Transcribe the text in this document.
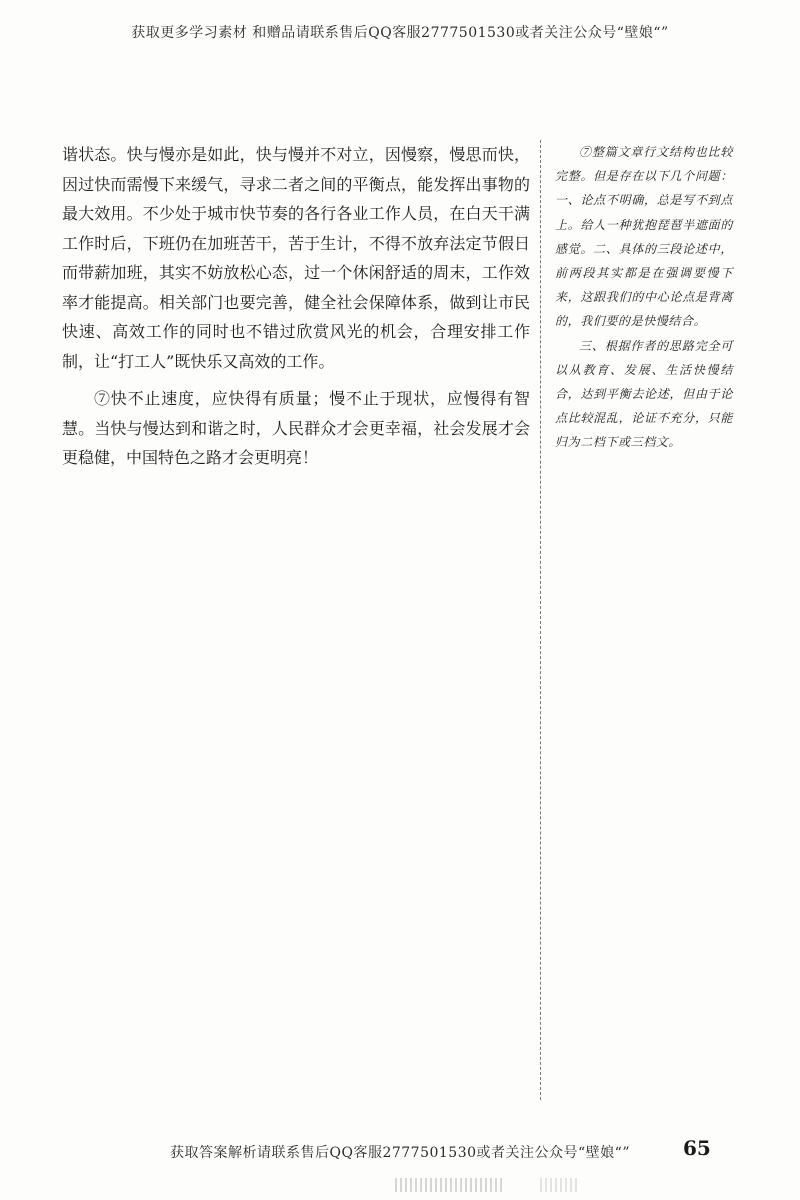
获取更多学习素材 和赠品请联系售后QQ客服2777501530或者关注公众号“壁娘“”

谐状态。快与慢亦是如此，快与慢并不对立，因慢察，慢思而快，因过快而需慢下来缓气，寻求二者之间的平衡点，能发挥出事物的最大效用。不少处于城市快节奏的各行各业工作人员，在白天干满工作时后，下班仍在加班苦干，苦于生计，不得不放弃法定节假日而带薪加班，其实不妨放松心态，过一个休闲舒适的周末，工作效率才能提高。相关部门也要完善，健全社会保障体系，做到让市民快速、高效工作的同时也不错过欣赏风光的机会，合理安排工作制，让“打工人”既快乐又高效的工作。

⑦快不止速度，应快得有质量；慢不止于现状，应慢得有智慧。当快与慢达到和谐之时，人民群众才会更幸福，社会发展才会更稳健，中国特色之路才会更明亮！

⑦整篇文章行文结构也比较完整。但是存在以下几个问题：一、论点不明确，总是写不到点上。给人一种犹抱琵琶半遮面的感觉。二、具体的三段论述中，前两段其实都是在强调要慢下来，这跟我们的中心论点是背离的，我们要的是快慢结合。

三、根据作者的思路完全可以从教育、发展、生活快慢结合，达到平衡去论述，但由于论点比较混乱，论证不充分，只能归为二档下或三档文。

获取答案解析请联系售后QQ客服2777501530或者关注公众号“壁娘“”	65
